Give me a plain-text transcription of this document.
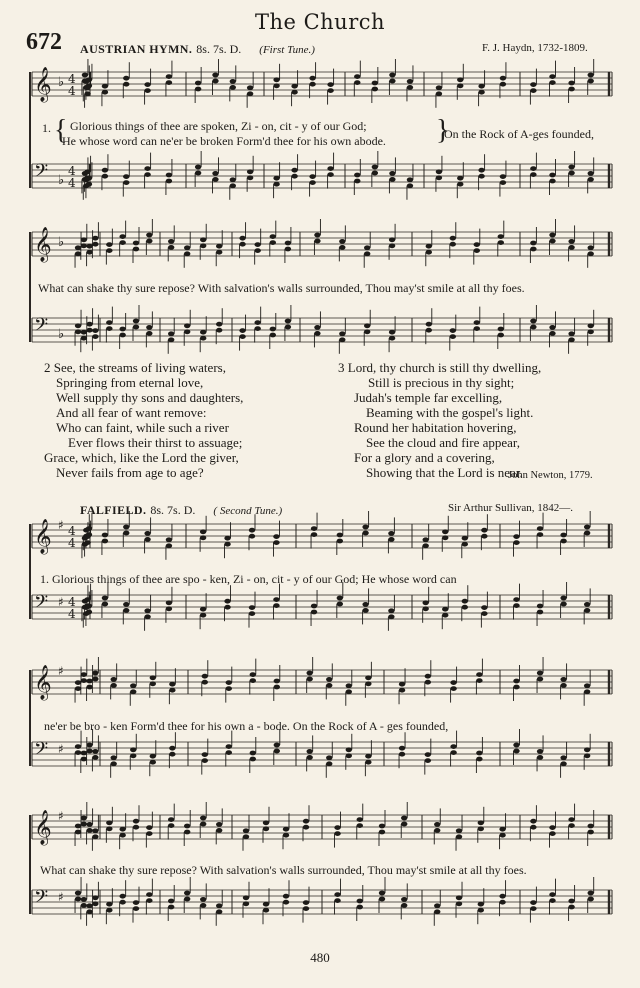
The Church
672 AUSTRIAN HYMN. 8s. 7s. D. (First Tune.)	F. J. Haydn, 1732-1809.
𝄞 ♭ 4
4
𝄢 ♭
4
4
𝄞 ♭
𝄢 ♭
𝄞 ♯ 4
4
𝄢 ♯ 4
4
𝄞 ♯
𝄢 ♯
𝄞 ♯
𝄢 ♯
1. { Glorious things of thee are spoken, Zi - on, cit - y of our God;
He whose word can ne'er be broken Form'd thee for his own abode. }
On the Rock of A-ges founded,
What can shake thy sure repose? With salvation's walls surrounded, Thou may'st smile at all thy foes.
2 See, the streams of living waters,
Springing from eternal love,
Well supply thy sons and daughters,
And all fear of want remove:
Who can faint, while such a river
Ever flows their thirst to assuage;
Grace, which, like the Lord the giver,
Never fails from age to age?
3 Lord, thy church is still thy dwelling,
Still is precious in thy sight;
Judah's temple far excelling,
Beaming with the gospel's light.
Round her habitation hovering,
See the cloud and fire appear,
For a glory and a covering,
Showing that the Lord is near.
John Newton, 1779.
FALFIELD. 8s. 7s. D. ( Second Tune.)	Sir Arthur Sullivan, 1842—.
1. Glorious things of thee are spo - ken, Zi - on, cit - y of our God; He whose word can
ne'er be bro - ken Form'd thee for his own a - bode. On the Rock of A - ges founded,
What can shake thy sure repose? With salvation's walls surrounded, Thou may'st smile at all thy foes.
480
